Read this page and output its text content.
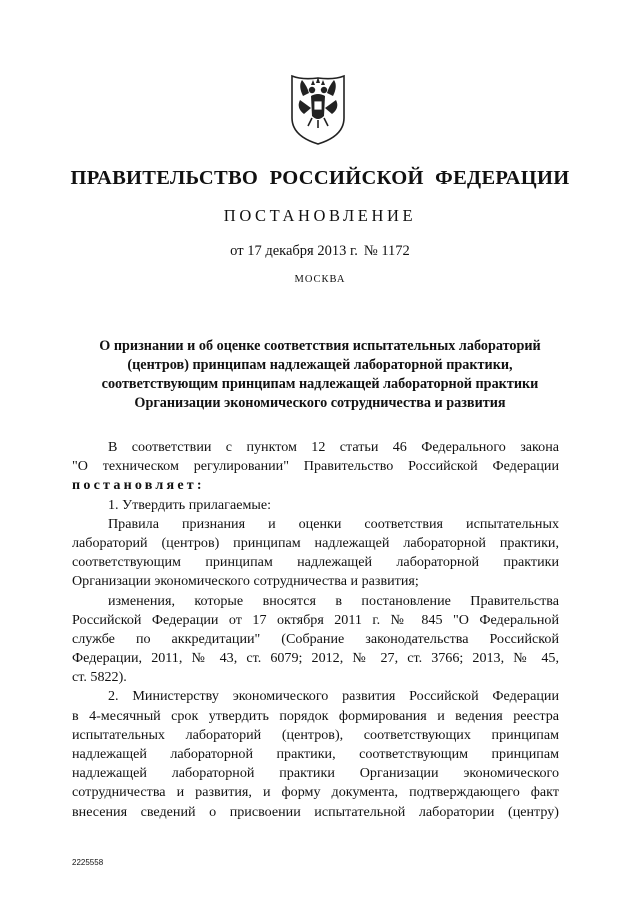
ПРАВИТЕЛЬСТВО РОССИЙСКОЙ ФЕДЕРАЦИИ
ПОСТАНОВЛЕНИЕ
от 17 декабря 2013 г. № 1172
МОСКВА
О признании и об оценке соответствия испытательных лабораторий
(центров) принципам надлежащей лабораторной практики,
соответствующим принципам надлежащей лабораторной практики
Организации экономического сотрудничества и развития
В соответствии с пунктом 12 статьи 46 Федерального закона
"О техническом регулировании" Правительство Российской Федерации
постановляет:
1. Утвердить прилагаемые:
Правила признания и оценки соответствия испытательных
лабораторий (центров) принципам надлежащей лабораторной практики,
соответствующим принципам надлежащей лабораторной практики
Организации экономического сотрудничества и развития;
изменения, которые вносятся в постановление Правительства
Российской Федерации от 17 октября 2011 г. № 845 "О Федеральной
службе по аккредитации" (Собрание законодательства Российской
Федерации, 2011, № 43, ст. 6079; 2012, № 27, ст. 3766; 2013, № 45,
ст. 5822).
2. Министерству экономического развития Российской Федерации
в 4-месячный срок утвердить порядок формирования и ведения реестра
испытательных лабораторий (центров), соответствующих принципам
надлежащей лабораторной практики, соответствующим принципам
надлежащей лабораторной практики Организации экономического
сотрудничества и развития, и форму документа, подтверждающего факт
внесения сведений о присвоении испытательной лаборатории (центру)
2225558
